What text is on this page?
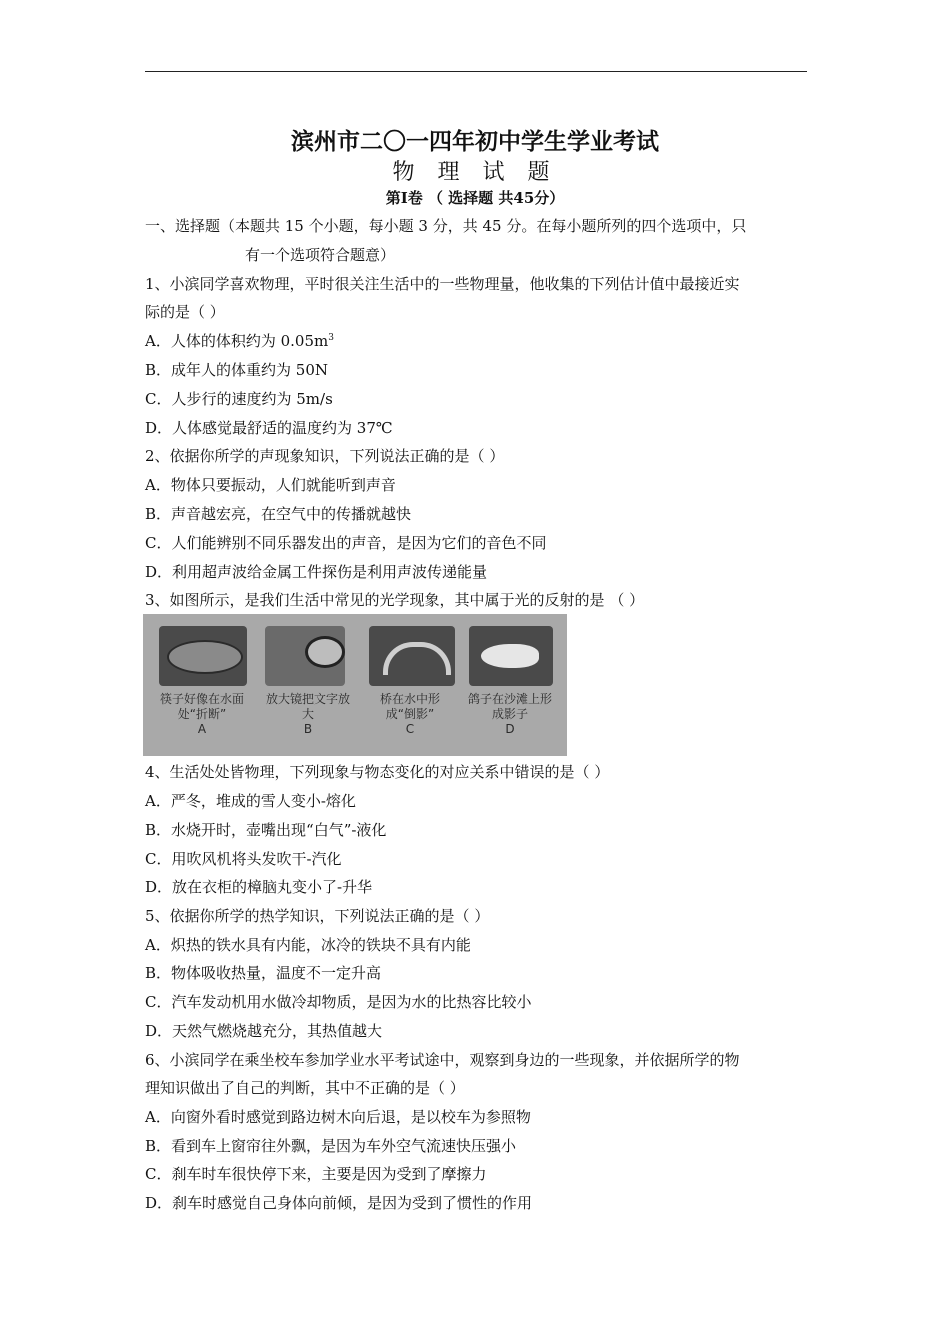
滨州市二〇一四年初中学生学业考试
物 理 试 题
第Ⅰ卷 （ 选择题 共45分）
一、选择题（本题共 15 个小题，每小题 3 分，共 45 分。在每小题所列的四个选项中，只
有一个选项符合题意）
1、小滨同学喜欢物理，平时很关注生活中的一些物理量，他收集的下列估计值中最接近实
际的是（ ）
A．人体的体积约为 $0.05m^3$
B．成年人的体重约为 50N
C．人步行的速度约为 5m/s
D．人体感觉最舒适的温度约为 37℃
2、依据你所学的声现象知识，下列说法正确的是（ ）
A．物体只要振动，人们就能听到声音
B．声音越宏亮，在空气中的传播就越快
C．人们能辨别不同乐器发出的声音，是因为它们的音色不同
D．利用超声波给金属工件探伤是利用声波传递能量
3、如图所示，是我们生活中常见的光学现象，其中属于光的反射的是 （ ）
筷子好像在水面处“折断”
A
放大镜把文字放大
B
桥在水中形成“倒影”
C
鸽子在沙滩上形成影子
D
4、生活处处皆物理，下列现象与物态变化的对应关系中错误的是（ ）
A．严冬，堆成的雪人变小-熔化
B．水烧开时，壶嘴出现“白气”-液化
C．用吹风机将头发吹干-汽化
D．放在衣柜的樟脑丸变小了-升华
5、依据你所学的热学知识，下列说法正确的是（ ）
A．炽热的铁水具有内能，冰冷的铁块不具有内能
B．物体吸收热量，温度不一定升高
C．汽车发动机用水做冷却物质，是因为水的比热容比较小
D．天然气燃烧越充分，其热值越大
6、小滨同学在乘坐校车参加学业水平考试途中，观察到身边的一些现象，并依据所学的物
理知识做出了自己的判断，其中不正确的是（ ）
A．向窗外看时感觉到路边树木向后退，是以校车为参照物
B．看到车上窗帘往外飘，是因为车外空气流速快压强小
C．刹车时车很快停下来，主要是因为受到了摩擦力
D．刹车时感觉自己身体向前倾，是因为受到了惯性的作用
